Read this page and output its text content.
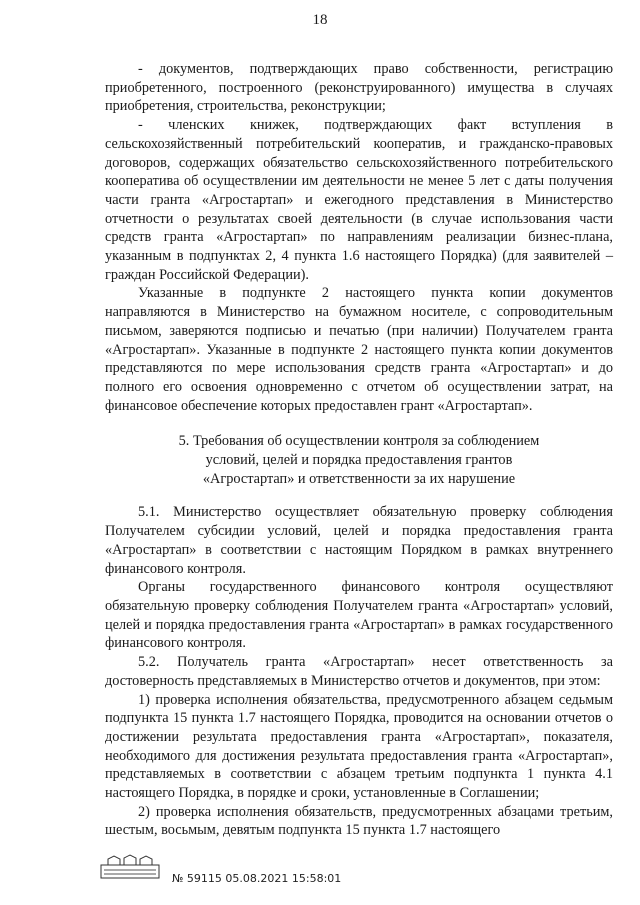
18

- документов, подтверждающих право собственности, регистрацию приобретенного, построенного (реконструированного) имущества в случаях приобретения, строительства, реконструкции;

- членских книжек, подтверждающих факт вступления в сельскохозяйственный потребительский кооператив, и гражданско-правовых договоров, содержащих обязательство сельскохозяйственного потребительского кооператива об осуществлении им деятельности не менее 5 лет с даты получения части гранта «Агростартап» и ежегодного представления в Министерство отчетности о результатах своей деятельности (в случае использования части средств гранта «Агростартап» по направлениям реализации бизнес-плана, указанным в подпунктах 2, 4 пункта 1.6 настоящего Порядка) (для заявителей – граждан Российской Федерации).

Указанные в подпункте 2 настоящего пункта копии документов направляются в Министерство на бумажном носителе, с сопроводительным письмом, заверяются подписью и печатью (при наличии) Получателем гранта «Агростартап». Указанные в подпункте 2 настоящего пункта копии документов представляются по мере использования средств гранта «Агростартап» и до полного его освоения одновременно с отчетом об осуществлении затрат, на финансовое обеспечение которых предоставлен грант «Агростартап».

5. Требования об осуществлении контроля за соблюдением
условий, целей и порядка предоставления грантов
«Агростартап» и ответственности за их нарушение

5.1. Министерство осуществляет обязательную проверку соблюдения Получателем субсидии условий, целей и порядка предоставления гранта «Агростартап» в соответствии с настоящим Порядком в рамках внутреннего финансового контроля.

Органы государственного финансового контроля осуществляют обязательную проверку соблюдения Получателем гранта «Агростартап» условий, целей и порядка предоставления гранта «Агростартап» в рамках государственного финансового контроля.

5.2. Получатель гранта «Агростартап» несет ответственность за достоверность представляемых в Министерство отчетов и документов, при этом:

1) проверка исполнения обязательства, предусмотренного абзацем седьмым подпункта 15 пункта 1.7 настоящего Порядка, проводится на основании отчетов о достижении результата предоставления гранта «Агростартап», показателя, необходимого для достижения результата предоставления гранта «Агростартап», представляемых в соответствии с абзацем третьим подпункта 1 пункта 4.1 настоящего Порядка, в порядке и сроки, установленные в Соглашении;

2) проверка исполнения обязательств, предусмотренных абзацами третьим, шестым, восьмым, девятым подпункта 15 пункта 1.7 настоящего

№ 59115 05.08.2021 15:58:01
